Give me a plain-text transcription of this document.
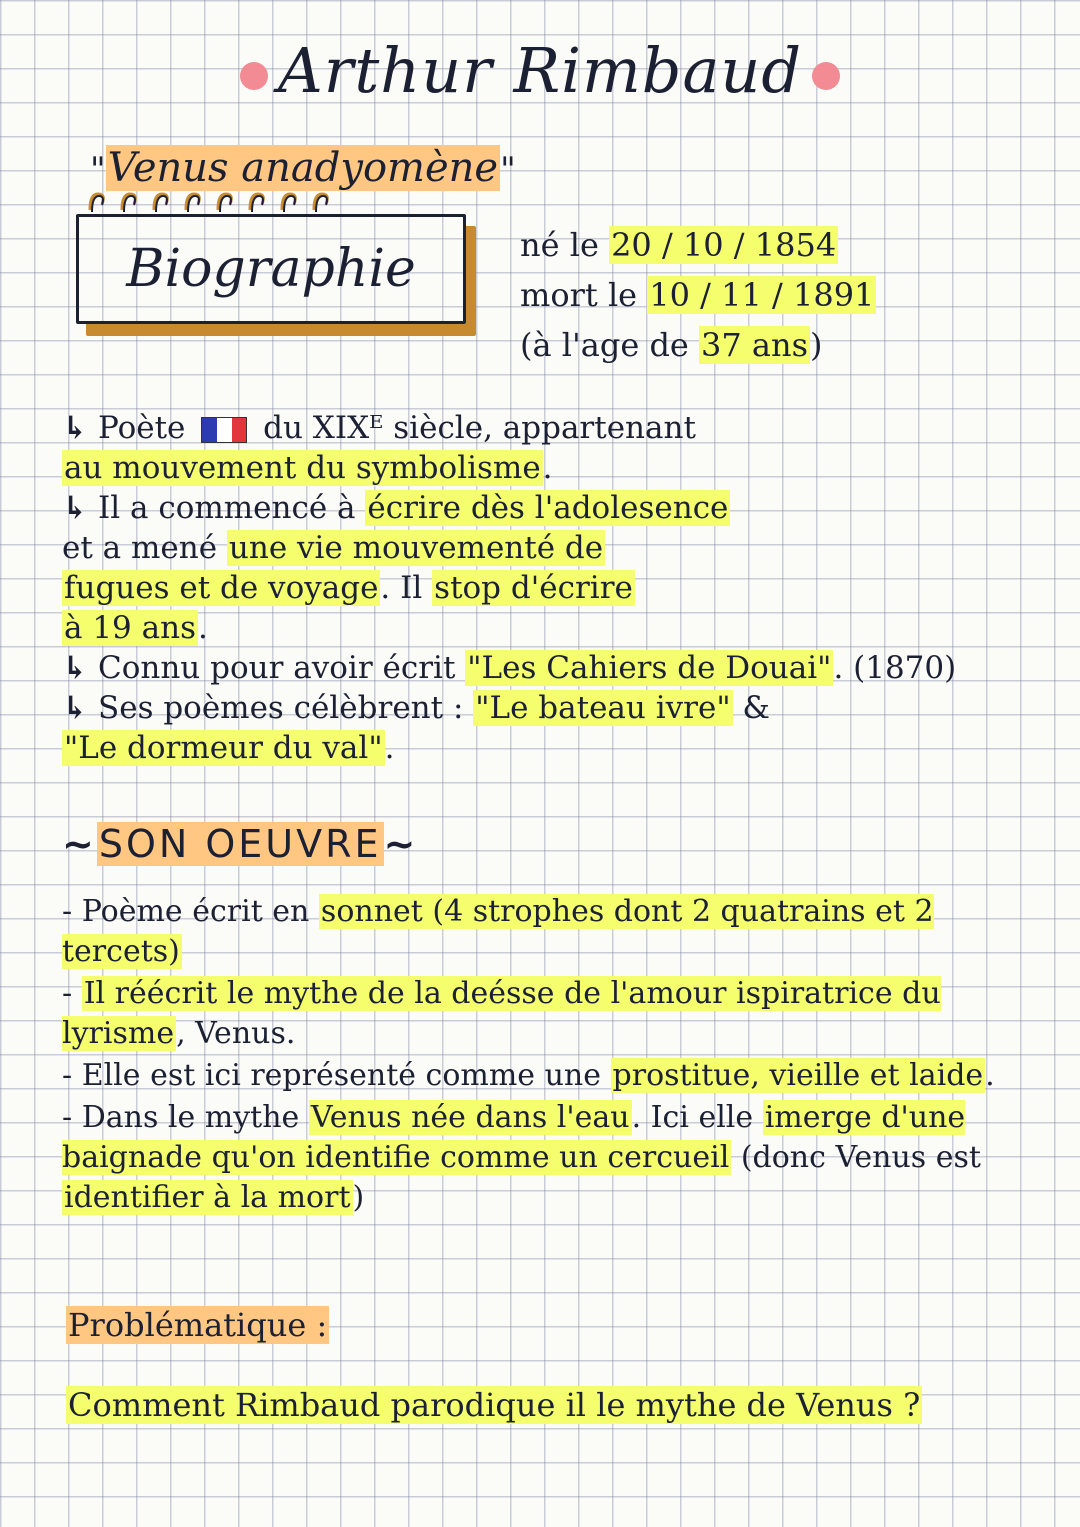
Arthur Rimbaud
"Venus anadyomène"
Biographie	né le 20 / 10 / 1854
mort le 10 / 11 / 1891
(à l'age de 37 ans)

↳ Poète	du XIXᴱ siècle, appartenant
au mouvement du symbolisme.

↳ Il a commencé à écrire dès l'adolesence
et a mené une vie mouvementé de
fugues et de voyage. Il stop d'écrire
à 19 ans.

↳ Connu pour avoir écrit "Les Cahiers de Douai". (1870)

↳ Ses poèmes célèbrent : "Le bateau ivre" &
"Le dormeur du val".

~SON OEUVRE~

- Poème écrit en sonnet (4 strophes dont 2 quatrains et 2 tercets)

- Il réécrit le mythe de la deésse de l'amour ispiratrice du lyrisme, Venus.

- Elle est ici représenté comme une prostitue, vieille et laide.

- Dans le mythe Venus née dans l'eau. Ici elle imerge d'une baignade qu'on identifie comme un cercueil (donc Venus est identifier à la mort)

Problématique :
Comment Rimbaud parodique il le mythe de Venus ?
